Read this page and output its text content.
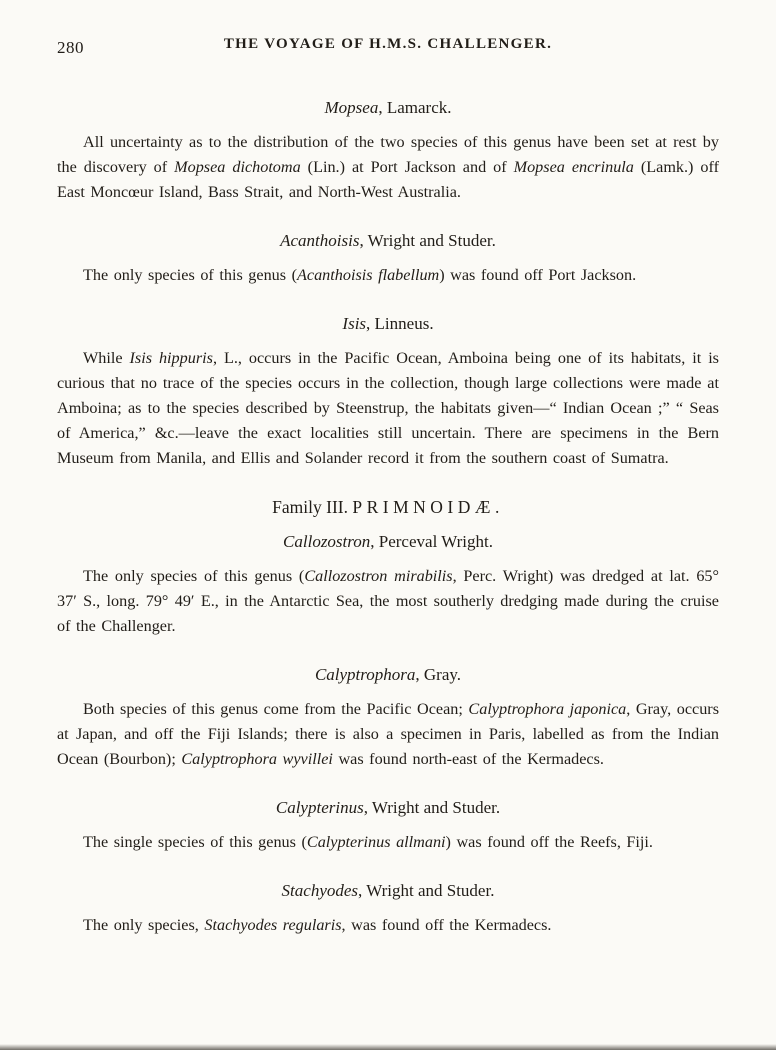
280	THE VOYAGE OF H.M.S. CHALLENGER.
Mopsea, Lamarck.

All uncertainty as to the distribution of the two species of this genus have been set at rest by the discovery of Mopsea dichotoma (Lin.) at Port Jackson and of Mopsea encrinula (Lamk.) off East Moncœur Island, Bass Strait, and North-West Australia.

Acanthoisis, Wright and Studer.

The only species of this genus (Acanthoisis flabellum) was found off Port Jackson.

Isis, Linneus.

While Isis hippuris, L., occurs in the Pacific Ocean, Amboina being one of its habitats, it is curious that no trace of the species occurs in the collection, though large collections were made at Amboina; as to the species described by Steenstrup, the habitats given—“ Indian Ocean ;” “ Seas of America,” &c.—leave the exact localities still uncertain. There are specimens in the Bern Museum from Manila, and Ellis and Solander record it from the southern coast of Sumatra.

Family III. PRIMNOIDÆ.
Callozostron, Perceval Wright.

The only species of this genus (Callozostron mirabilis, Perc. Wright) was dredged at lat. 65° 37′ S., long. 79° 49′ E., in the Antarctic Sea, the most southerly dredging made during the cruise of the Challenger.

Calyptrophora, Gray.

Both species of this genus come from the Pacific Ocean; Calyptrophora japonica, Gray, occurs at Japan, and off the Fiji Islands; there is also a specimen in Paris, labelled as from the Indian Ocean (Bourbon); Calyptrophora wyvillei was found north-east of the Kermadecs.

Calypterinus, Wright and Studer.

The single species of this genus (Calypterinus allmani) was found off the Reefs, Fiji.

Stachyodes, Wright and Studer.

The only species, Stachyodes regularis, was found off the Kermadecs.
